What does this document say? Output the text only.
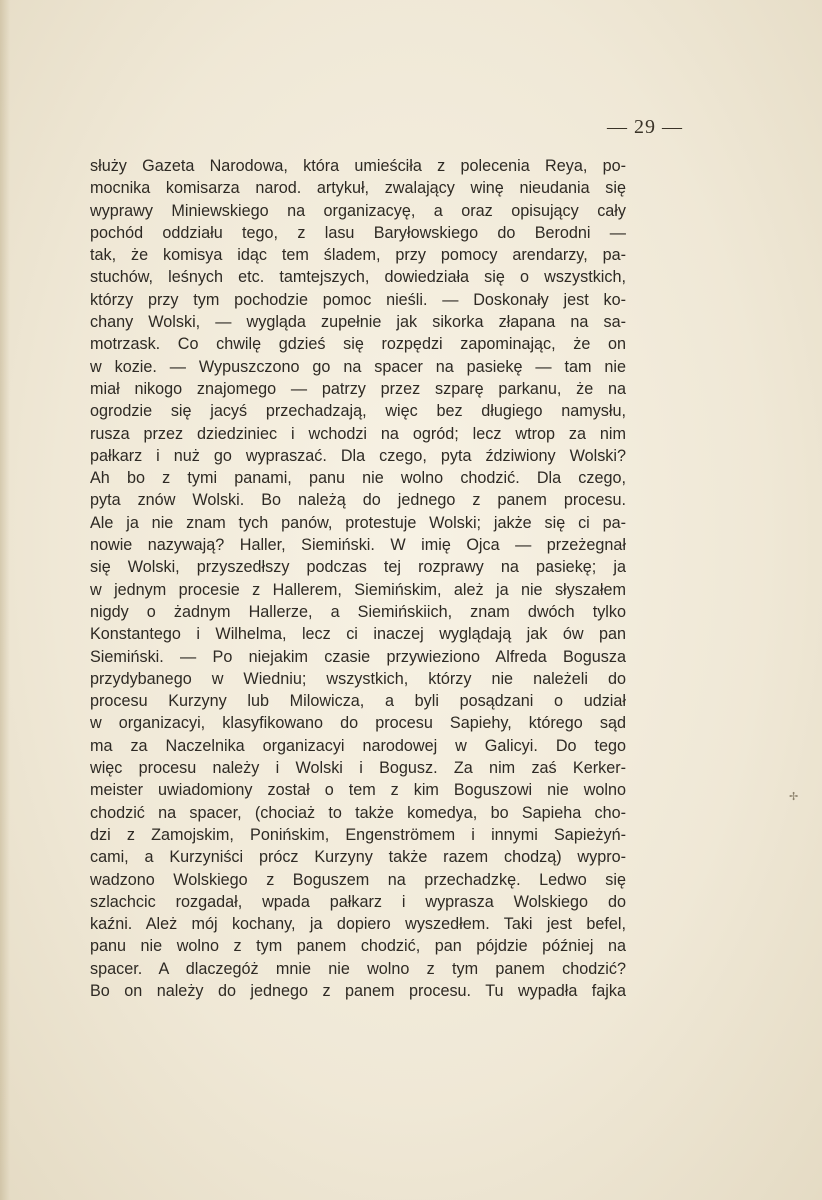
— 29 —
służy Gazeta Narodowa, która umieściła z polecenia Reya, po-
mocnika komisarza narod. artykuł, zwalający winę nieudania się
wyprawy Miniewskiego na organizacyę, a oraz opisujący cały
pochód oddziału tego, z lasu Baryłowskiego do Berodni —
tak, że komisya idąc tem śladem, przy pomocy arendarzy, pa-
stuchów, leśnych etc. tamtejszych, dowiedziała się o wszystkich,
którzy przy tym pochodzie pomoc nieśli. — Doskonały jest ko-
chany Wolski, — wygląda zupełnie jak sikorka złapana na sa-
motrzask. Co chwilę gdzieś się rozpędzi zapominając, że on
w kozie. — Wypuszczono go na spacer na pasiekę — tam nie
miał nikogo znajomego — patrzy przez szparę parkanu, że na
ogrodzie się jacyś przechadzają, więc bez długiego namysłu,
rusza przez dziedziniec i wchodzi na ogród; lecz wtrop za nim
pałkarz i nuż go wypraszać. Dla czego, pyta ździwiony Wolski?
Ah bo z tymi panami, panu nie wolno chodzić. Dla czego,
pyta znów Wolski. Bo należą do jednego z panem procesu.
Ale ja nie znam tych panów, protestuje Wolski; jakże się ci pa-
nowie nazywają? Haller, Siemiński. W imię Ojca — przeżegnał
się Wolski, przyszedłszy podczas tej rozprawy na pasiekę; ja
w jednym procesie z Hallerem, Siemińskim, ależ ja nie słyszałem
nigdy o żadnym Hallerze, a Siemińskiich, znam dwóch tylko
Konstantego i Wilhelma, lecz ci inaczej wyglądają jak ów pan
Siemiński. — Po niejakim czasie przywieziono Alfreda Bogusza
przydybanego w Wiedniu; wszystkich, którzy nie należeli do
procesu Kurzyny lub Milowicza, a byli posądzani o udział
w organizacyi, klasyfikowano do procesu Sapiehy, którego sąd
ma za Naczelnika organizacyi narodowej w Galicyi. Do tego
więc procesu należy i Wolski i Bogusz. Za nim zaś Kerker-
meister uwiadomiony został o tem z kim Boguszowi nie wolno
chodzić na spacer, (chociaż to także komedya, bo Sapieha cho-
dzi z Zamojskim, Ponińskim, Engenströmem i innymi Sapieżyń-
cami, a Kurzyniści prócz Kurzyny także razem chodzą) wypro-
wadzono Wolskiego z Boguszem na przechadzkę. Ledwo się
szlachcic rozgadał, wpada pałkarz i wyprasza Wolskiego do
kaźni. Ależ mój kochany, ja dopiero wyszedłem. Taki jest befel,
panu nie wolno z tym panem chodzić, pan pójdzie później na
spacer. A dlaczegóż mnie nie wolno z tym panem chodzić?
Bo on należy do jednego z panem procesu. Tu wypadła fajka
✢
